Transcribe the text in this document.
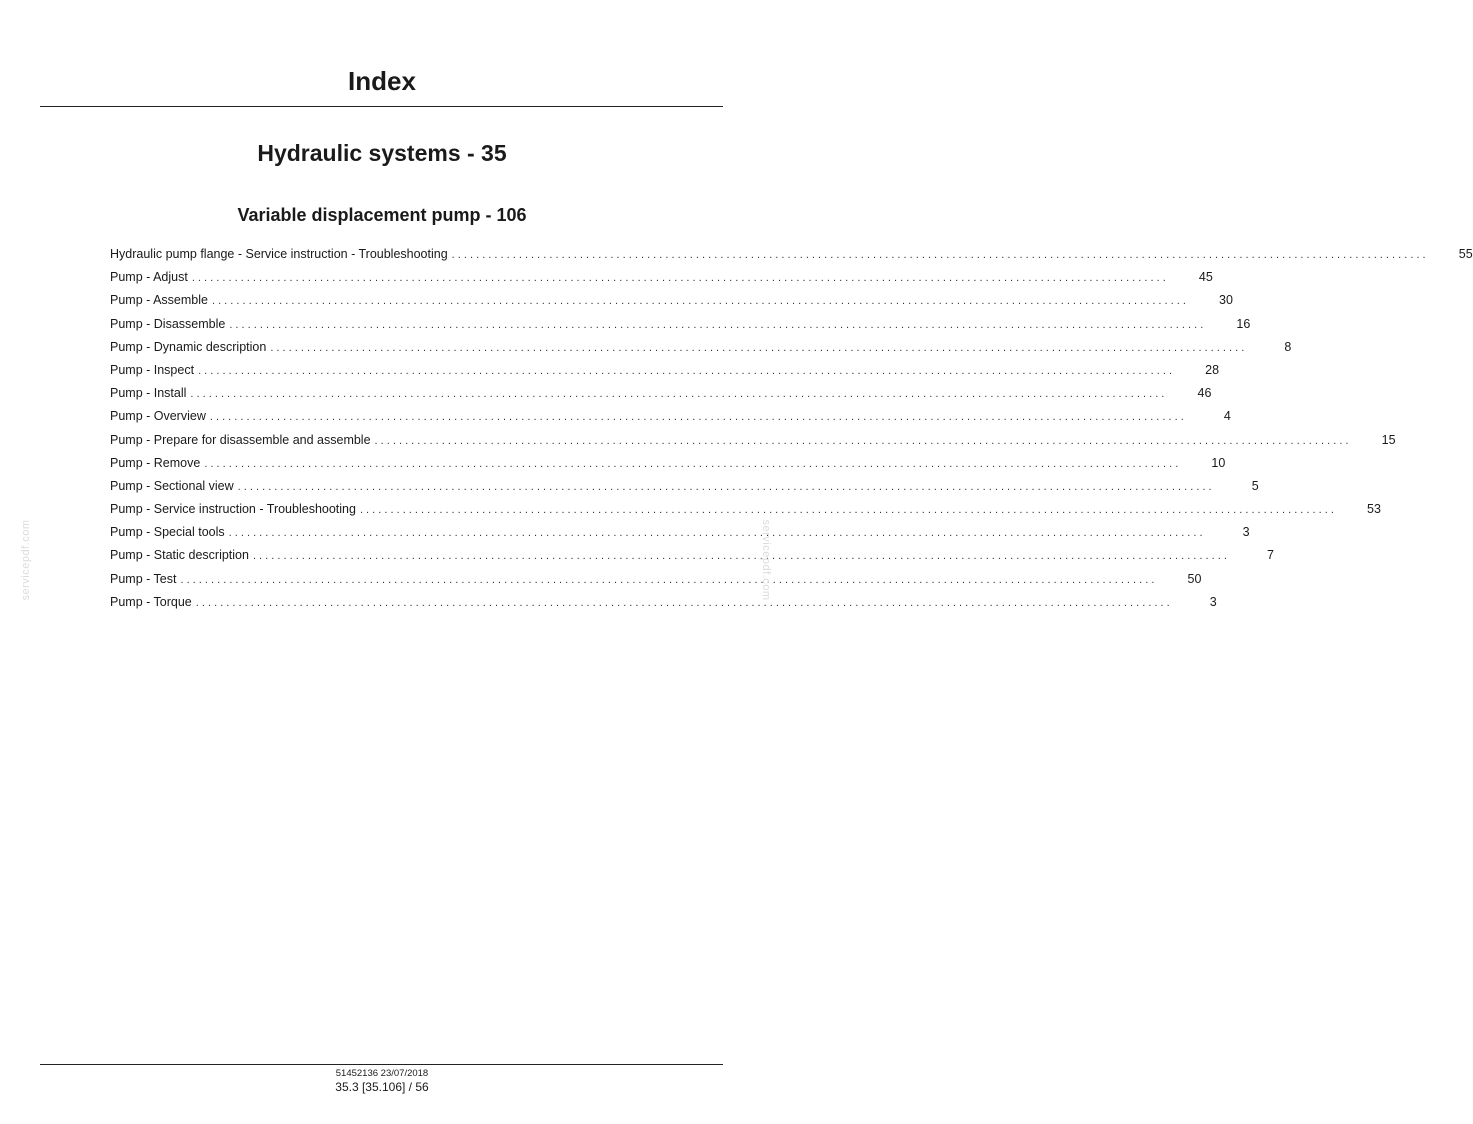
Index
Hydraulic systems - 35
Variable displacement pump - 106
Hydraulic pump flange - Service instruction - Troubleshooting ................................................................................................................................................................	55
Pump - Adjust ................................................................................................................................................................	45
Pump - Assemble ................................................................................................................................................................	30
Pump - Disassemble ................................................................................................................................................................	16
Pump - Dynamic description ................................................................................................................................................................	8
Pump - Inspect ................................................................................................................................................................	28
Pump - Install ................................................................................................................................................................	46
Pump - Overview ................................................................................................................................................................	4
Pump - Prepare for disassemble and assemble ................................................................................................................................................................	15
Pump - Remove ................................................................................................................................................................	10
Pump - Sectional view ................................................................................................................................................................	5
Pump - Service instruction - Troubleshooting ................................................................................................................................................................	53
Pump - Special tools ................................................................................................................................................................	3
Pump - Static description ................................................................................................................................................................	7
Pump - Test ................................................................................................................................................................	50
Pump - Torque ................................................................................................................................................................	3
servicepdf.com	servicepdf.com
51452136 23/07/2018
35.3 [35.106] / 56
